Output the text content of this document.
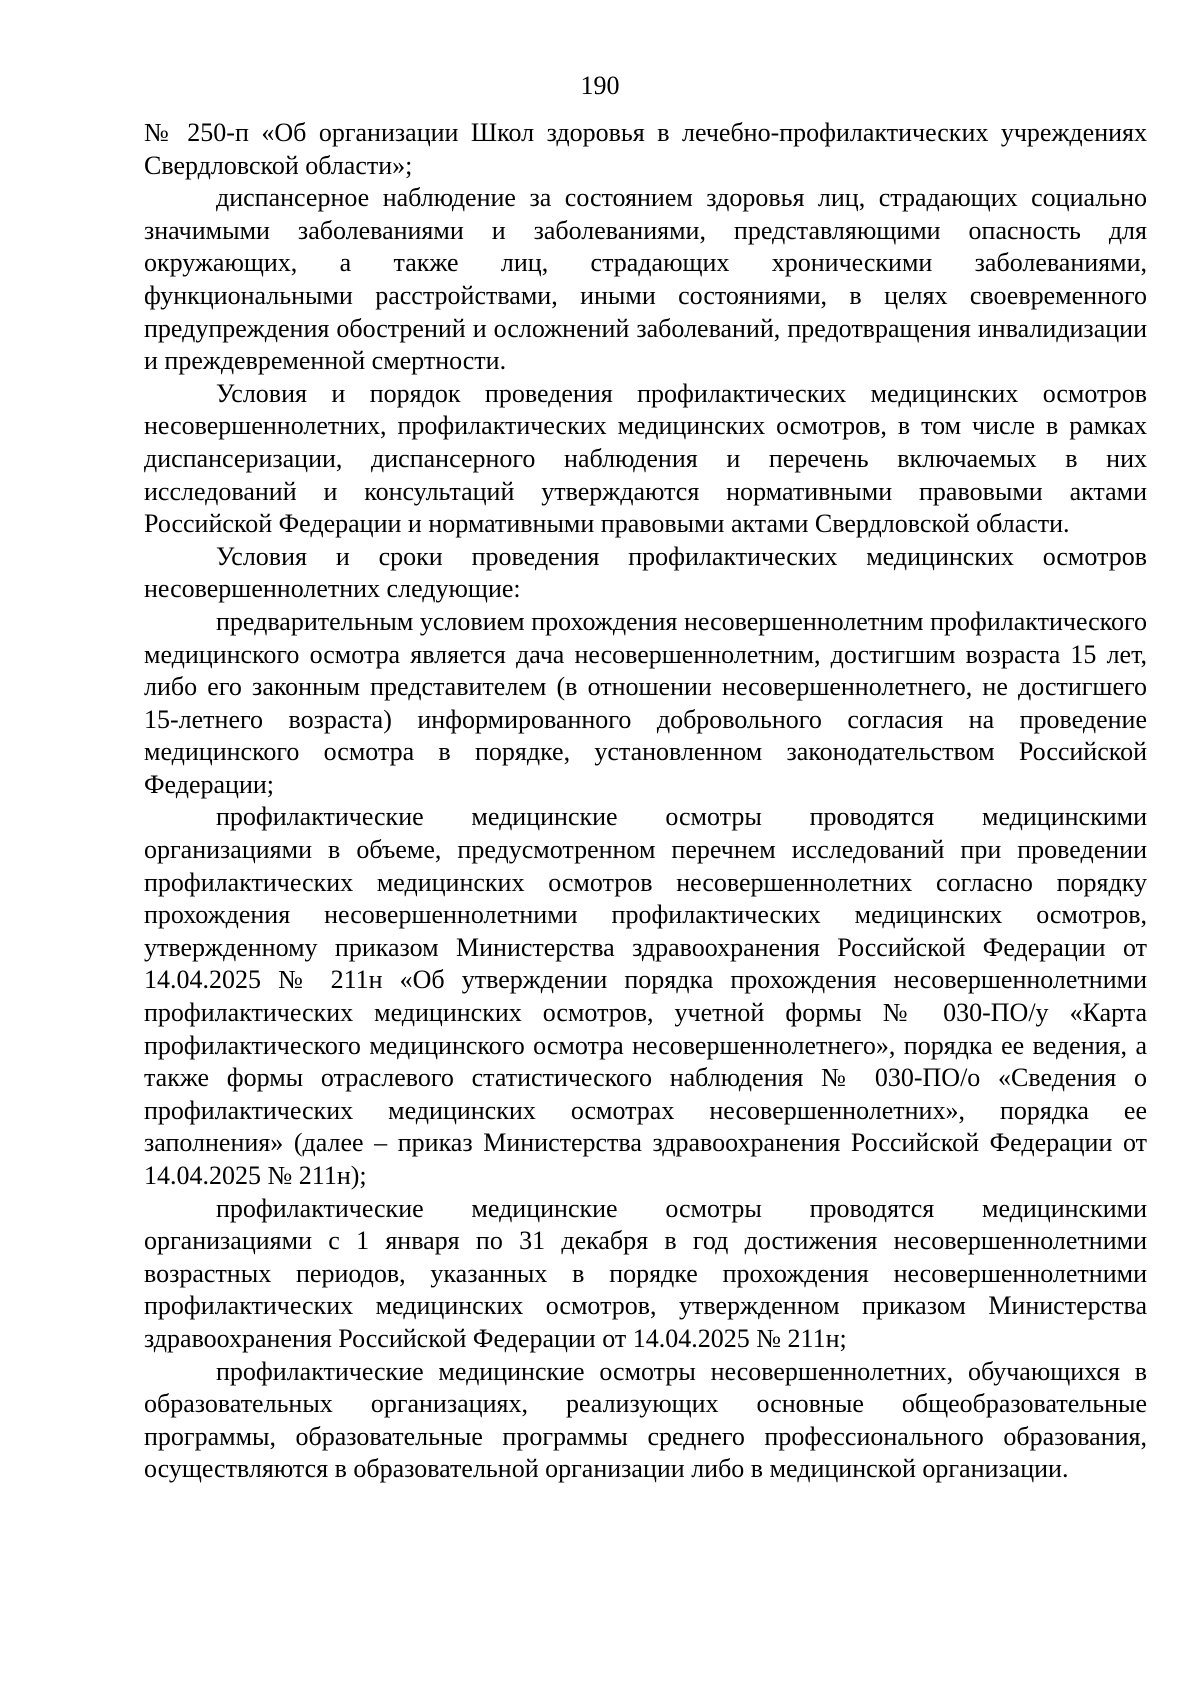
190

№ 250-п «Об организации Школ здоровья в лечебно-профилактических учреждениях Свердловской области»;

диспансерное наблюдение за состоянием здоровья лиц, страдающих социально значимыми заболеваниями и заболеваниями, представляющими опасность для окружающих, а также лиц, страдающих хроническими заболеваниями, функциональными расстройствами, иными состояниями, в целях своевременного предупреждения обострений и осложнений заболеваний, предотвращения инвалидизации и преждевременной смертности.

Условия и порядок проведения профилактических медицинских осмотров несовершеннолетних, профилактических медицинских осмотров, в том числе в рамках диспансеризации, диспансерного наблюдения и перечень включаемых в них исследований и консультаций утверждаются нормативными правовыми актами Российской Федерации и нормативными правовыми актами Свердловской области.

Условия и сроки проведения профилактических медицинских осмотров несовершеннолетних следующие:

предварительным условием прохождения несовершеннолетним профилактического медицинского осмотра является дача несовершеннолетним, достигшим возраста 15 лет, либо его законным представителем (в отношении несовершеннолетнего, не достигшего 15-летнего возраста) информированного добровольного согласия на проведение медицинского осмотра в порядке, установленном законодательством Российской Федерации;

профилактические медицинские осмотры проводятся медицинскими организациями в объеме, предусмотренном перечнем исследований при проведении профилактических медицинских осмотров несовершеннолетних согласно порядку прохождения несовершеннолетними профилактических медицинских осмотров, утвержденному приказом Министерства здравоохранения Российской Федерации от 14.04.2025 № 211н «Об утверждении порядка прохождения несовершеннолетними профилактических медицинских осмотров, учетной формы № 030-ПО/у «Карта профилактического медицинского осмотра несовершеннолетнего», порядка ее ведения, а также формы отраслевого статистического наблюдения № 030-ПО/о «Сведения о профилактических медицинских осмотрах несовершеннолетних», порядка ее заполнения» (далее – приказ Министерства здравоохранения Российской Федерации от 14.04.2025 № 211н);

профилактические медицинские осмотры проводятся медицинскими организациями с 1 января по 31 декабря в год достижения несовершеннолетними возрастных периодов, указанных в порядке прохождения несовершеннолетними профилактических медицинских осмотров, утвержденном приказом Министерства здравоохранения Российской Федерации от 14.04.2025 № 211н;

профилактические медицинские осмотры несовершеннолетних, обучающихся в образовательных организациях, реализующих основные общеобразовательные программы, образовательные программы среднего профессионального образования, осуществляются в образовательной организации либо в медицинской организации.
